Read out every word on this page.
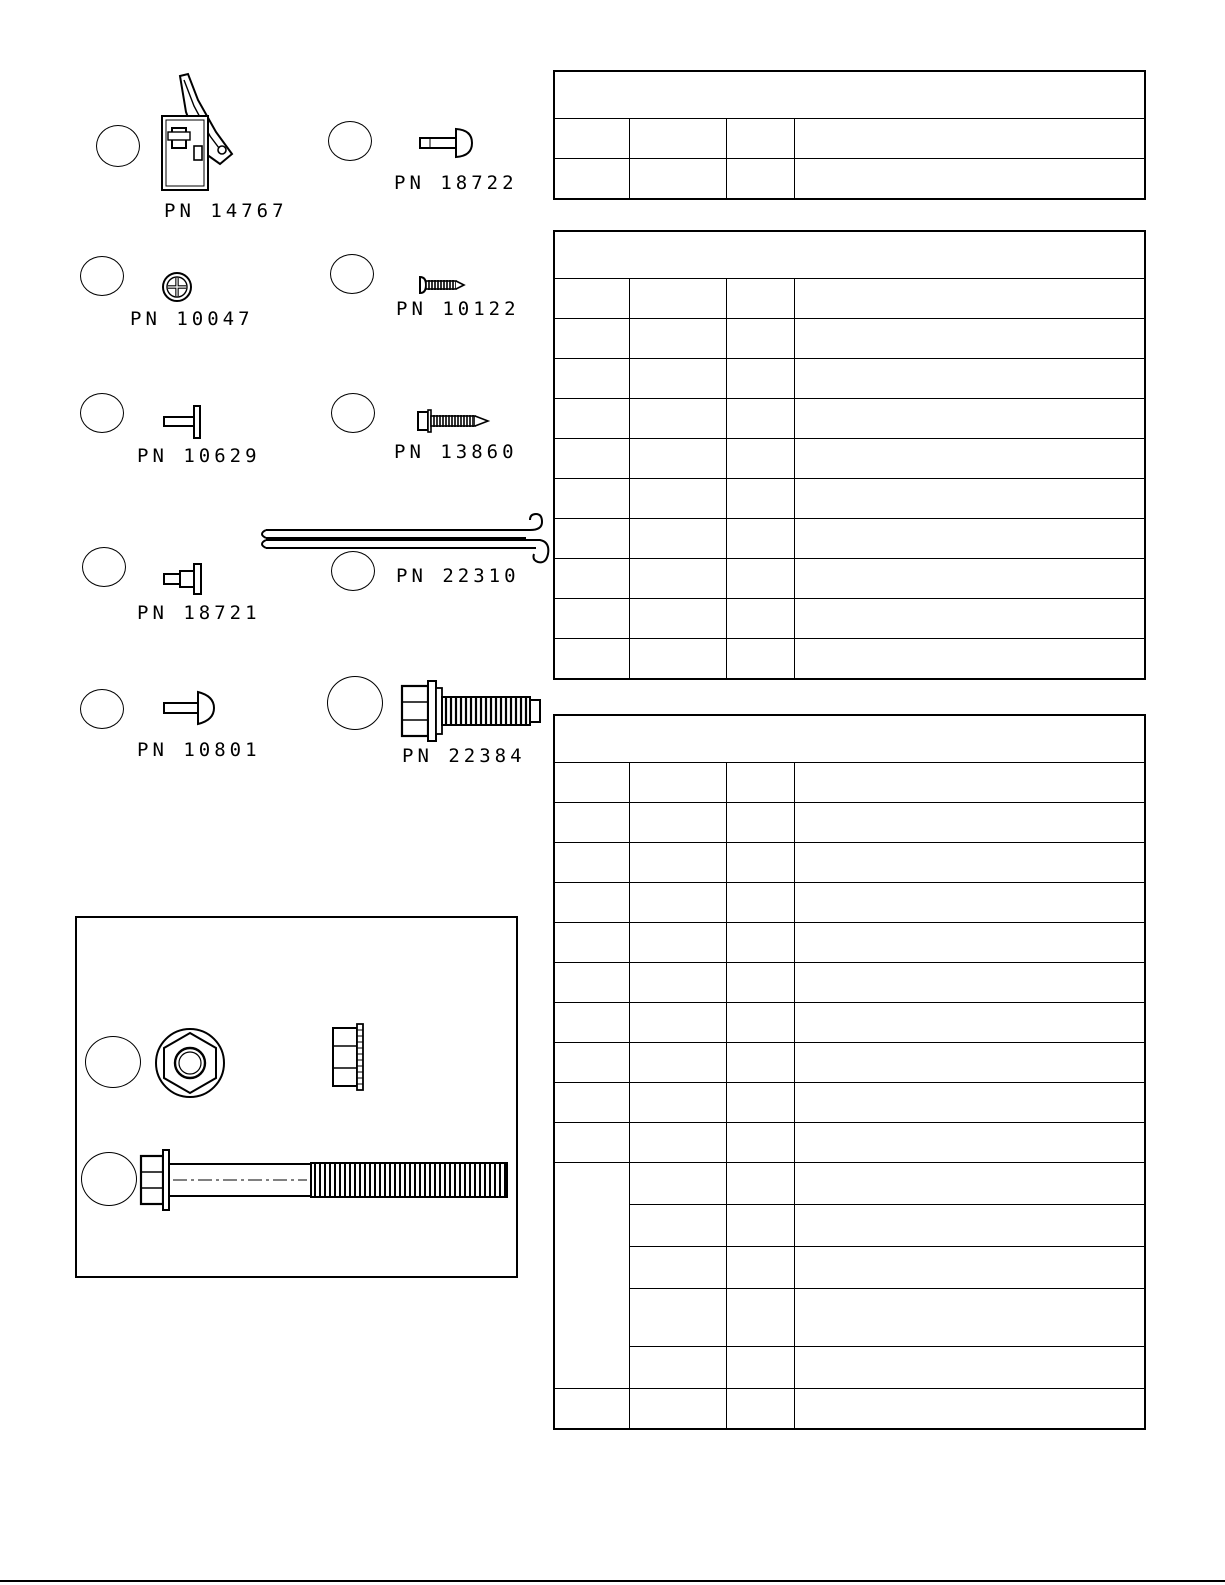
PN 14767
PN 18722
PN 10047	PN 10122
PN 10629	PN 13860
PN 18721
PN 22310
PN 10801	PN 22384
